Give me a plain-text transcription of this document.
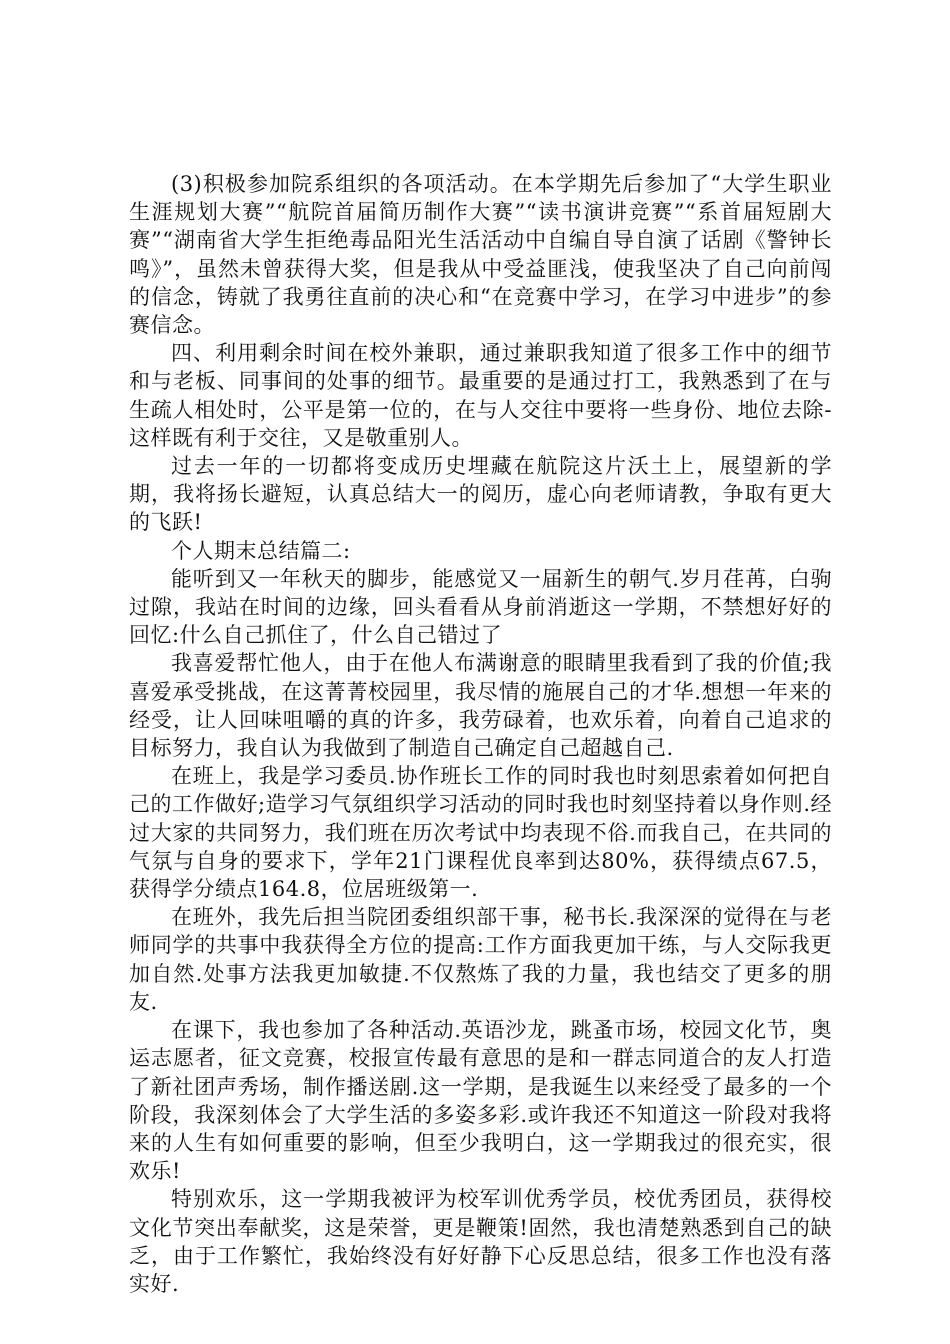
(3)积极参加院系组织的各项活动。在本学期先后参加了“大学生职业生涯规划大赛”“航院首届简历制作大赛”“读书演讲竞赛”“系首届短剧大赛”“湖南省大学生拒绝毒品阳光生活活动中自编自导自演了话剧《警钟长鸣》”，虽然未曾获得大奖，但是我从中受益匪浅，使我坚决了自己向前闯的信念，铸就了我勇往直前的决心和“在竞赛中学习，在学习中进步”的参赛信念。

四、利用剩余时间在校外兼职，通过兼职我知道了很多工作中的细节和与老板、同事间的处事的细节。最重要的是通过打工，我熟悉到了在与生疏人相处时，公平是第一位的，在与人交往中要将一些身份、地位去除-这样既有利于交往，又是敬重别人。

过去一年的一切都将变成历史埋藏在航院这片沃土上，展望新的学期，我将扬长避短，认真总结大一的阅历，虚心向老师请教，争取有更大的飞跃!

个人期末总结篇二:

能听到又一年秋天的脚步，能感觉又一届新生的朝气.岁月荏苒，白驹过隙，我站在时间的边缘，回头看看从身前消逝这一学期，不禁想好好的回忆:什么自己抓住了，什么自己错过了

我喜爱帮忙他人，由于在他人布满谢意的眼睛里我看到了我的价值;我喜爱承受挑战，在这菁菁校园里，我尽情的施展自己的才华.想想一年来的经受，让人回味咀嚼的真的许多，我劳碌着，也欢乐着，向着自己追求的目标努力，我自认为我做到了制造自己确定自己超越自己.

在班上，我是学习委员.协作班长工作的同时我也时刻思索着如何把自己的工作做好;造学习气氛组织学习活动的同时我也时刻坚持着以身作则.经过大家的共同努力，我们班在历次考试中均表现不俗.而我自己，在共同的气氛与自身的要求下，学年21门课程优良率到达80%，获得绩点67.5，获得学分绩点164.8，位居班级第一.

在班外，我先后担当院团委组织部干事，秘书长.我深深的觉得在与老师同学的共事中我获得全方位的提高:工作方面我更加干练，与人交际我更加自然.处事方法我更加敏捷.不仅熬炼了我的力量，我也结交了更多的朋友.

在课下，我也参加了各种活动.英语沙龙，跳蚤市场，校园文化节，奥运志愿者，征文竞赛，校报宣传最有意思的是和一群志同道合的友人打造了新社团声秀场，制作播送剧.这一学期，是我诞生以来经受了最多的一个阶段，我深刻体会了大学生活的多姿多彩.或许我还不知道这一阶段对我将来的人生有如何重要的影响，但至少我明白，这一学期我过的很充实，很欢乐!

特别欢乐，这一学期我被评为校军训优秀学员，校优秀团员，获得校文化节突出奉献奖，这是荣誉，更是鞭策!固然，我也清楚熟悉到自己的缺乏，由于工作繁忙，我始终没有好好静下心反思总结，很多工作也没有落实好.
